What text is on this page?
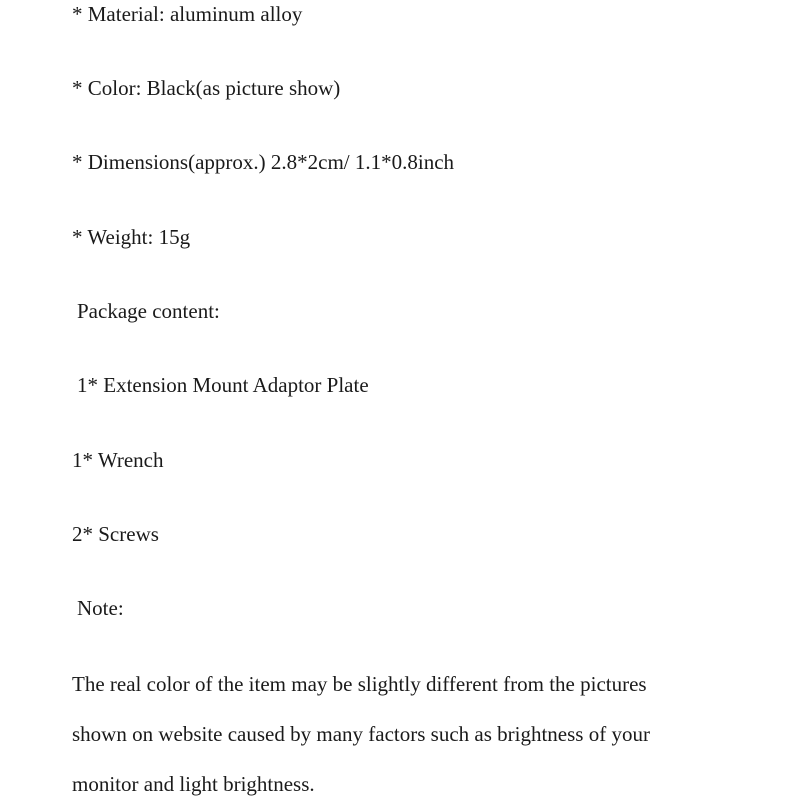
* Material: aluminum alloy

* Color: Black(as picture show)

* Dimensions(approx.) 2.8*2cm/ 1.1*0.8inch

* Weight: 15g

Package content:

1* Extension Mount Adaptor Plate

1* Wrench

2* Screws

Note:

The real color of the item may be slightly different from the pictures

shown on website caused by many factors such as brightness of your

monitor and light brightness.
